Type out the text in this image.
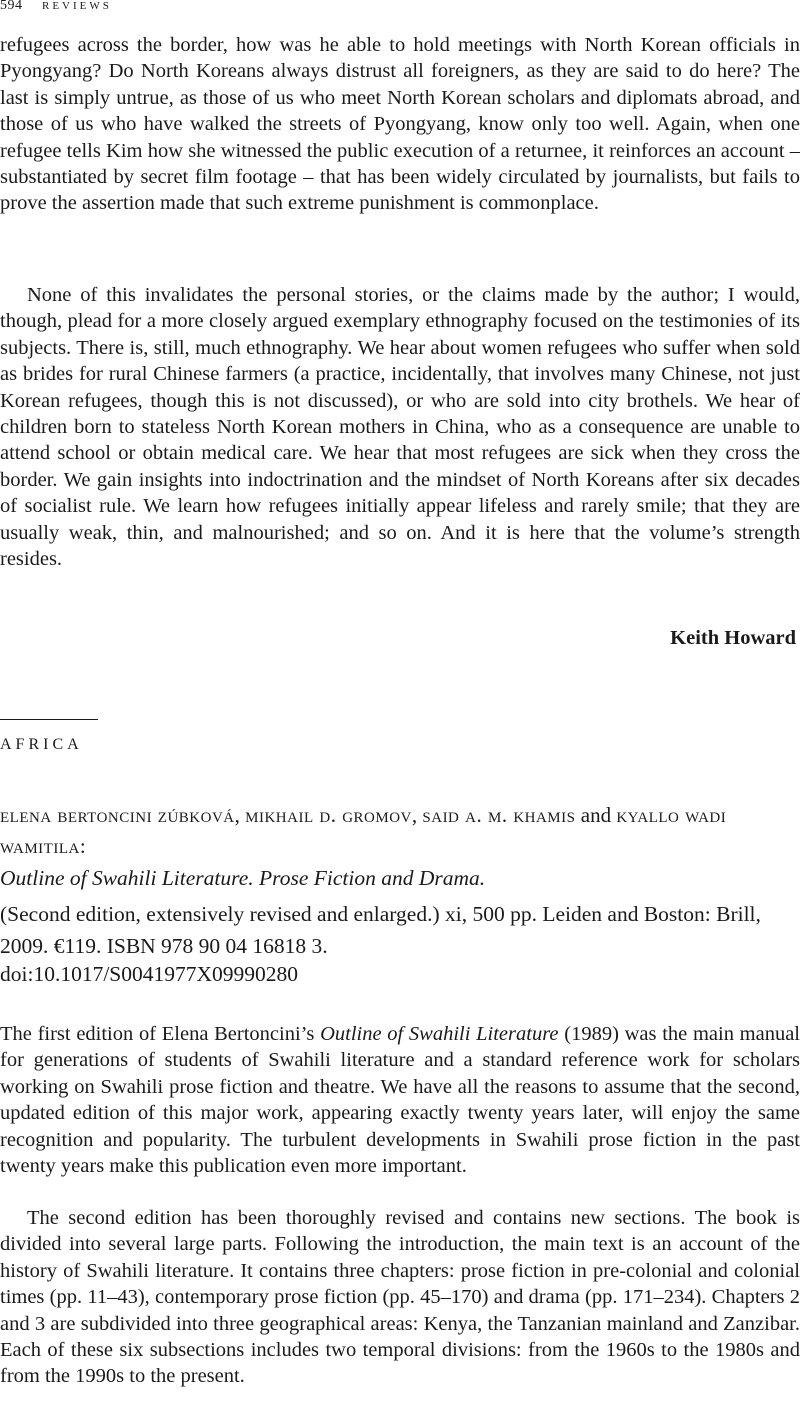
594 REVIEWS

refugees across the border, how was he able to hold meetings with North Korean officials in Pyongyang? Do North Koreans always distrust all foreigners, as they are said to do here? The last is simply untrue, as those of us who meet North Korean scholars and diplomats abroad, and those of us who have walked the streets of Pyongyang, know only too well. Again, when one refugee tells Kim how she witnessed the public execution of a returnee, it reinforces an account – substantiated by secret film footage – that has been widely circulated by journalists, but fails to prove the assertion made that such extreme punishment is commonplace.

None of this invalidates the personal stories, or the claims made by the author; I would, though, plead for a more closely argued exemplary ethnography focused on the testimonies of its subjects. There is, still, much ethnography. We hear about women refugees who suffer when sold as brides for rural Chinese farmers (a practice, incidentally, that involves many Chinese, not just Korean refugees, though this is not discussed), or who are sold into city brothels. We hear of children born to stateless North Korean mothers in China, who as a consequence are unable to attend school or obtain medical care. We hear that most refugees are sick when they cross the border. We gain insights into indoctrination and the mindset of North Koreans after six decades of socialist rule. We learn how refugees initially appear lifeless and rarely smile; that they are usually weak, thin, and malnourished; and so on. And it is here that the volume’s strength resides.

Keith Howard
AFRICA
elena bertoncini zúbková, mikhail d. gromov, said a. m. khamis and kyallo wadi wamitila:
Outline of Swahili Literature. Prose Fiction and Drama.
(Second edition, extensively revised and enlarged.) xi, 500 pp. Leiden and Boston: Brill, 2009. €119. ISBN 978 90 04 16818 3.
doi:10.1017/S0041977X09990280

The first edition of Elena Bertoncini’s Outline of Swahili Literature (1989) was the main manual for generations of students of Swahili literature and a standard reference work for scholars working on Swahili prose fiction and theatre. We have all the reasons to assume that the second, updated edition of this major work, appearing exactly twenty years later, will enjoy the same recognition and popularity. The turbulent developments in Swahili prose fiction in the past twenty years make this publication even more important.

The second edition has been thoroughly revised and contains new sections. The book is divided into several large parts. Following the introduction, the main text is an account of the history of Swahili literature. It contains three chapters: prose fiction in pre-colonial and colonial times (pp. 11–43), contemporary prose fiction (pp. 45–170) and drama (pp. 171–234). Chapters 2 and 3 are subdivided into three geographical areas: Kenya, the Tanzanian mainland and Zanzibar. Each of these six subsections includes two temporal divisions: from the 1960s to the 1980s and from the 1990s to the present.
